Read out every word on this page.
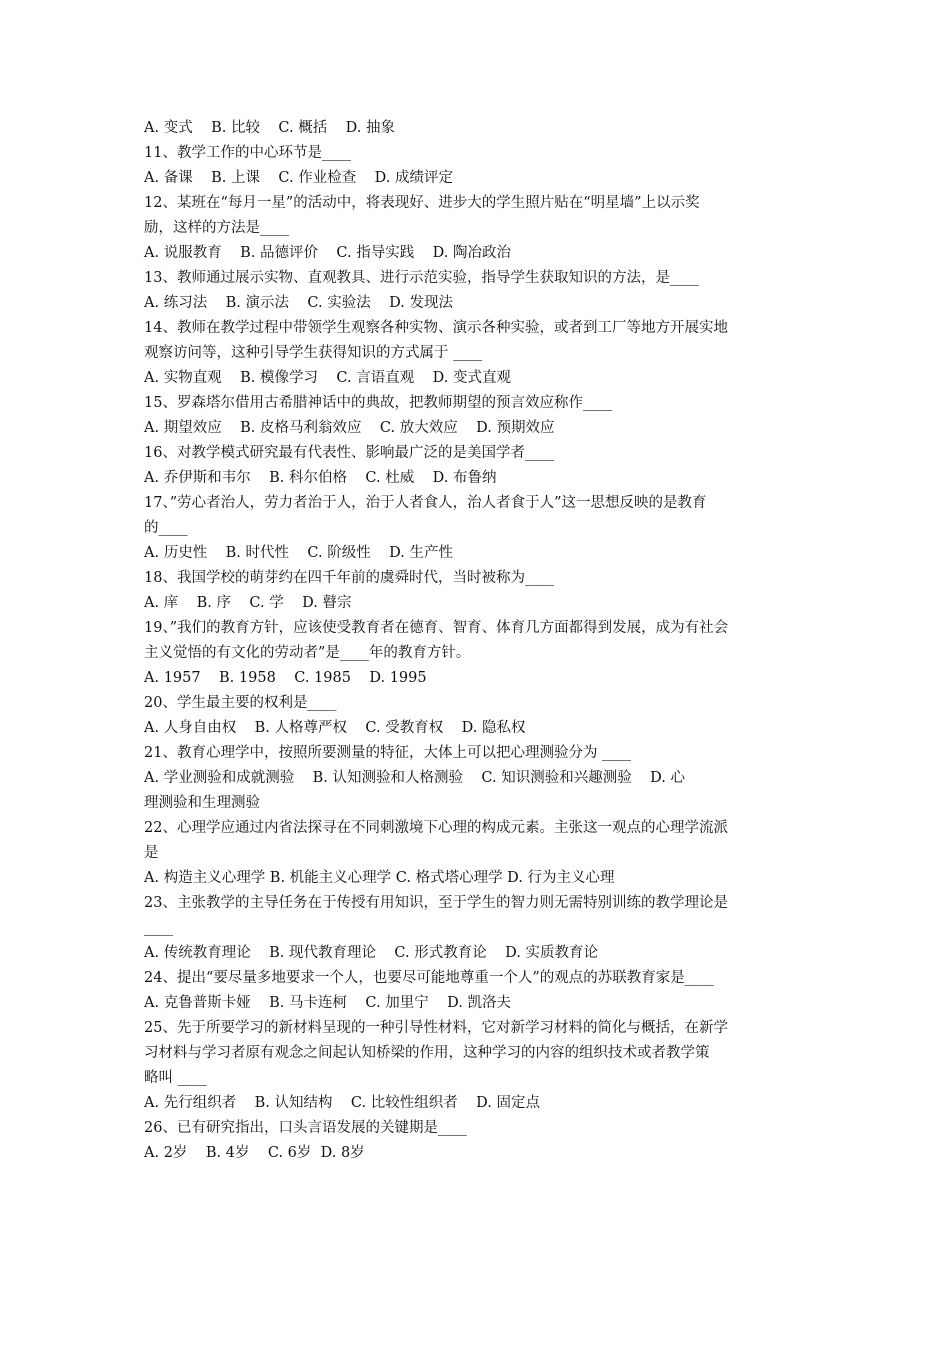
A. 变式    B. 比较    C. 概括    D. 抽象
11、教学工作的中心环节是____
A. 备课    B. 上课    C. 作业检查    D. 成绩评定
12、某班在“每月一星”的活动中，将表现好、进步大的学生照片贴在“明星墙”上以示奖
励，这样的方法是____
A. 说服教育    B. 品德评价    C. 指导实践    D. 陶冶政治
13、教师通过展示实物、直观教具、进行示范实验，指导学生获取知识的方法，是____
A. 练习法    B. 演示法    C. 实验法    D. 发现法
14、教师在教学过程中带领学生观察各种实物、演示各种实验，或者到工厂等地方开展实地
观察访问等，这种引导学生获得知识的方式属于 ____
A. 实物直观    B. 模像学习    C. 言语直观    D. 变式直观
15、罗森塔尔借用古希腊神话中的典故，把教师期望的预言效应称作____
A. 期望效应    B. 皮格马利翁效应    C. 放大效应    D. 预期效应
16、对教学模式研究最有代表性、影响最广泛的是美国学者____
A. 乔伊斯和韦尔    B. 科尔伯格    C. 杜威    D. 布鲁纳
17、”劳心者治人，劳力者治于人，治于人者食人，治人者食于人”这一思想反映的是教育
的____
A. 历史性    B. 时代性    C. 阶级性    D. 生产性
18、我国学校的萌芽约在四千年前的虞舜时代，当时被称为____
A. 庠    B. 序    C. 学    D. 瞽宗
19、”我们的教育方针，应该使受教育者在德育、智育、体育几方面都得到发展，成为有社会
主义觉悟的有文化的劳动者”是____年的教育方针。
A. 1957    B. 1958    C. 1985    D. 1995
20、学生最主要的权利是____
A. 人身自由权    B. 人格尊严权    C. 受教育权    D. 隐私权
21、教育心理学中，按照所要测量的特征，大体上可以把心理测验分为 ____
A. 学业测验和成就测验    B. 认知测验和人格测验    C. 知识测验和兴趣测验    D. 心
理测验和生理测验
22、心理学应通过内省法探寻在不同刺激境下心理的构成元素。主张这一观点的心理学流派
是
A. 构造主义心理学 B. 机能主义心理学 C. 格式塔心理学 D. 行为主义心理
23、主张教学的主导任务在于传授有用知识，至于学生的智力则无需特别训练的教学理论是
____
A. 传统教育理论    B. 现代教育理论    C. 形式教育论    D. 实质教育论
24、提出“要尽量多地要求一个人，也要尽可能地尊重一个人”的观点的苏联教育家是____
A. 克鲁普斯卡娅    B. 马卡连柯    C. 加里宁    D. 凯洛夫
25、先于所要学习的新材料呈现的一种引导性材料，它对新学习材料的简化与概括，在新学
习材料与学习者原有观念之间起认知桥梁的作用，这种学习的内容的组织技术或者教学策
略叫 ____
A. 先行组织者    B. 认知结构    C. 比较性组织者    D. 固定点
26、已有研究指出，口头言语发展的关键期是____
A. 2岁    B. 4岁    C. 6岁  D. 8岁
